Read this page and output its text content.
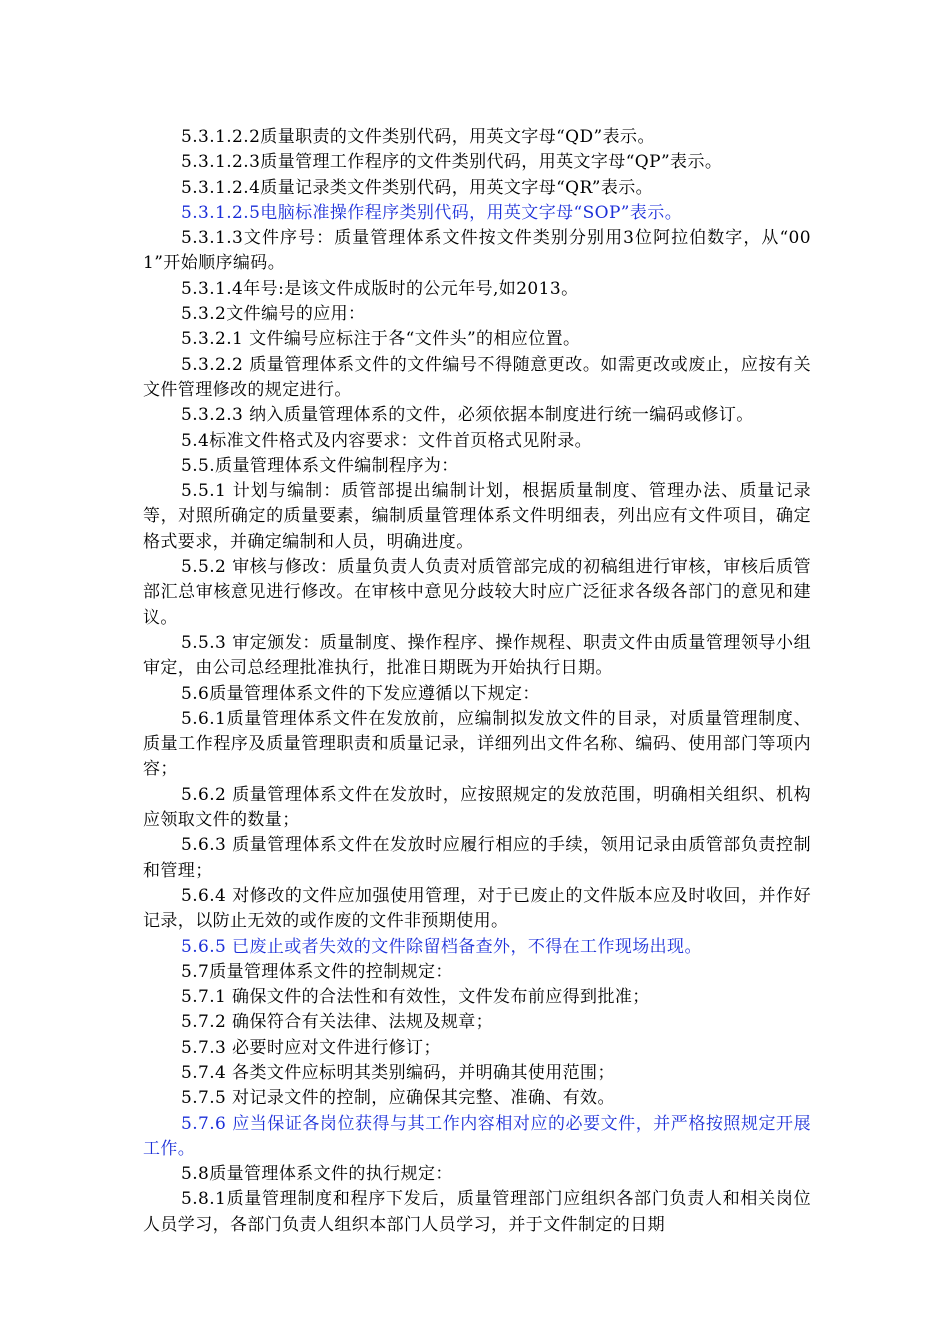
5.3.1.2.2质量职责的文件类别代码，用英文字母“QD”表示。

5.3.1.2.3质量管理工作程序的文件类别代码，用英文字母“QP”表示。

5.3.1.2.4质量记录类文件类别代码，用英文字母“QR”表示。

5.3.1.2.5电脑标准操作程序类别代码，用英文字母“SOP”表示。

5.3.1.3文件序号：质量管理体系文件按文件类别分别用3位阿拉伯数字，从“001”开始顺序编码。

5.3.1.4年号:是该文件成版时的公元年号,如2013。

5.3.2文件编号的应用：

5.3.2.1 文件编号应标注于各“文件头”的相应位置。

5.3.2.2 质量管理体系文件的文件编号不得随意更改。如需更改或废止，应按有关文件管理修改的规定进行。

5.3.2.3 纳入质量管理体系的文件，必须依据本制度进行统一编码或修订。

5.4标准文件格式及内容要求：文件首页格式见附录。

5.5.质量管理体系文件编制程序为：

5.5.1 计划与编制：质管部提出编制计划，根据质量制度、管理办法、质量记录等，对照所确定的质量要素，编制质量管理体系文件明细表，列出应有文件项目，确定格式要求，并确定编制和人员，明确进度。

5.5.2 审核与修改：质量负责人负责对质管部完成的初稿组进行审核，审核后质管部汇总审核意见进行修改。在审核中意见分歧较大时应广泛征求各级各部门的意见和建议。

5.5.3 审定颁发：质量制度、操作程序、操作规程、职责文件由质量管理领导小组审定，由公司总经理批准执行，批准日期既为开始执行日期。

5.6质量管理体系文件的下发应遵循以下规定：

5.6.1质量管理体系文件在发放前，应编制拟发放文件的目录，对质量管理制度、质量工作程序及质量管理职责和质量记录，详细列出文件名称、编码、使用部门等项内容；

5.6.2 质量管理体系文件在发放时，应按照规定的发放范围，明确相关组织、机构应领取文件的数量；

5.6.3 质量管理体系文件在发放时应履行相应的手续，领用记录由质管部负责控制和管理；

5.6.4 对修改的文件应加强使用管理，对于已废止的文件版本应及时收回，并作好记录，以防止无效的或作废的文件非预期使用。

5.6.5 已废止或者失效的文件除留档备查外，不得在工作现场出现。

5.7质量管理体系文件的控制规定：

5.7.1 确保文件的合法性和有效性，文件发布前应得到批准；

5.7.2 确保符合有关法律、法规及规章；

5.7.3 必要时应对文件进行修订；

5.7.4 各类文件应标明其类别编码，并明确其使用范围；

5.7.5 对记录文件的控制，应确保其完整、准确、有效。

5.7.6 应当保证各岗位获得与其工作内容相对应的必要文件，并严格按照规定开展工作。

5.8质量管理体系文件的执行规定：

5.8.1质量管理制度和程序下发后，质量管理部门应组织各部门负责人和相关岗位人员学习，各部门负责人组织本部门人员学习，并于文件制定的日期
